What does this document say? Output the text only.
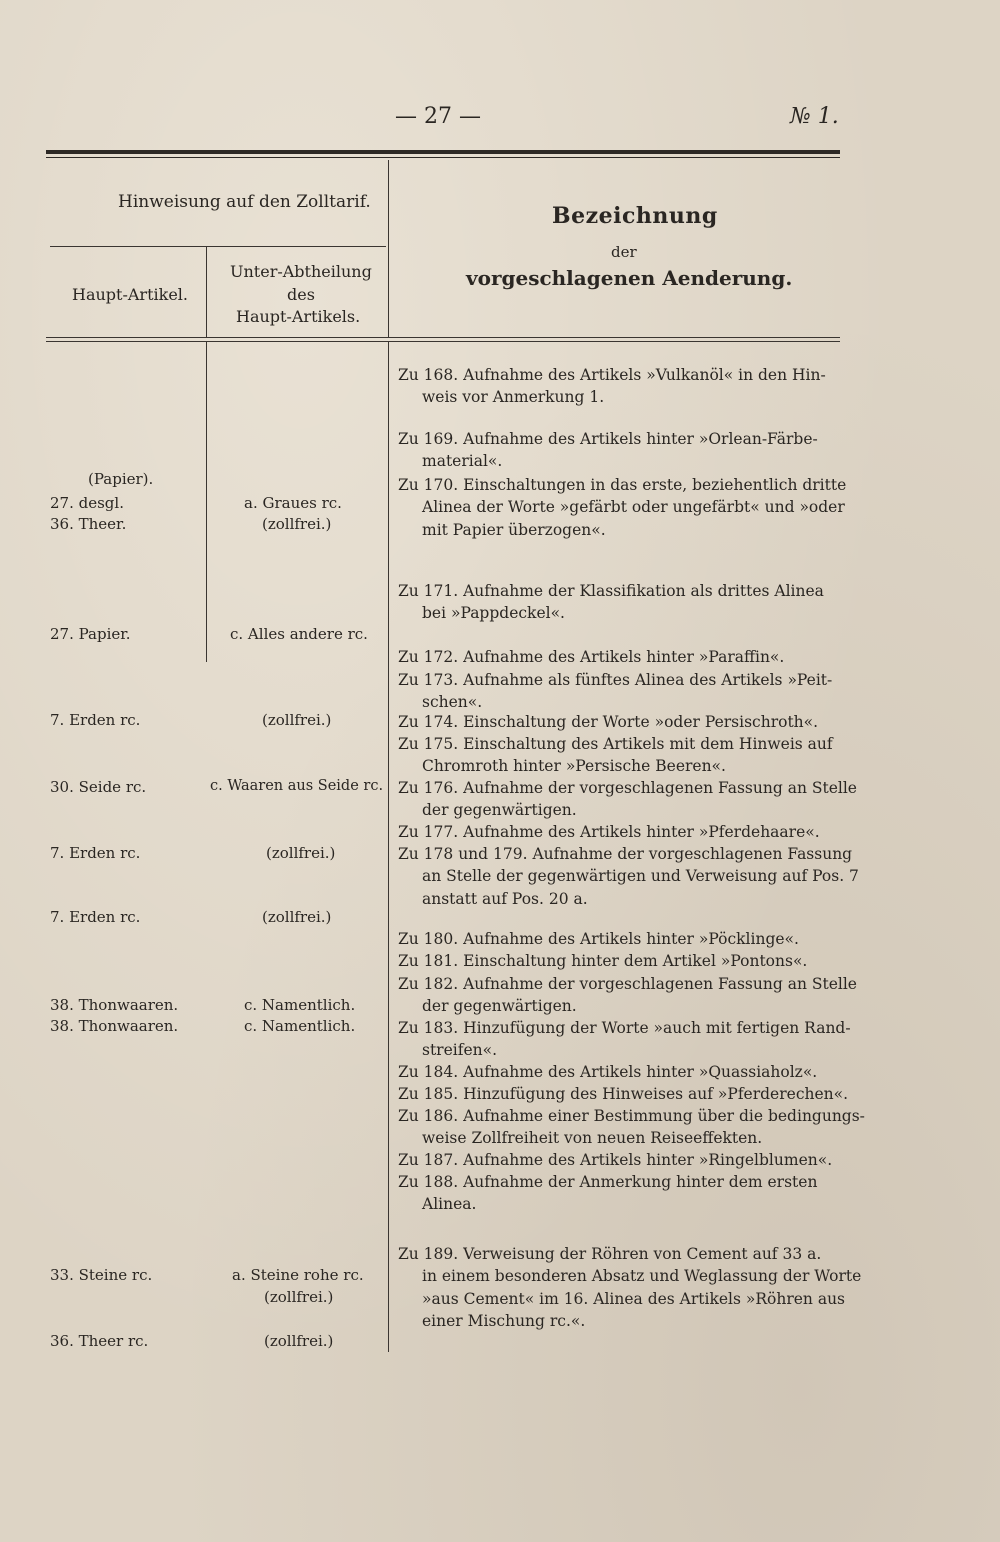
— 27 —	№ 1.
Hinweisung auf den Zolltarif.
Haupt-Artikel.
Unter-Abtheilung
des
Haupt-Artikels.
Bezeichnung
der
vorgeschlagenen Aenderung.
(Papier).
27. desgl.
36. Theer.
27. Papier.
7. Erden rc.
30. Seide rc.
7. Erden rc.
7. Erden rc.
38. Thonwaaren.
38. Thonwaaren.
33. Steine rc.
36. Theer rc.
a. Graues rc.
(zollfrei.)
c. Alles andere rc.
(zollfrei.)
c. Waaren aus Seide rc.
(zollfrei.)
(zollfrei.)
c. Namentlich.
c. Namentlich.
a. Steine rohe rc.
(zollfrei.)
(zollfrei.)
Zu 168. Aufnahme des Artikels »Vulkanöl« in den Hin-
weis vor Anmerkung 1.
Zu 169. Aufnahme des Artikels hinter »Orlean-Färbe-
material«.
Zu 170. Einschaltungen in das erste, beziehentlich dritte
Alinea der Worte »gefärbt oder ungefärbt« und »oder
mit Papier überzogen«.
Zu 171. Aufnahme der Klassifikation als drittes Alinea
bei »Pappdeckel«.
Zu 172. Aufnahme des Artikels hinter »Paraffin«.
Zu 173. Aufnahme als fünftes Alinea des Artikels »Peit-
schen«.
Zu 174. Einschaltung der Worte »oder Persischroth«.
Zu 175. Einschaltung des Artikels mit dem Hinweis auf
Chromroth hinter »Persische Beeren«.
Zu 176. Aufnahme der vorgeschlagenen Fassung an Stelle
der gegenwärtigen.
Zu 177. Aufnahme des Artikels hinter »Pferdehaare«.
Zu 178 und 179. Aufnahme der vorgeschlagenen Fassung
an Stelle der gegenwärtigen und Verweisung auf Pos. 7
anstatt auf Pos. 20 a.
Zu 180. Aufnahme des Artikels hinter »Pöcklinge«.
Zu 181. Einschaltung hinter dem Artikel »Pontons«.
Zu 182. Aufnahme der vorgeschlagenen Fassung an Stelle
der gegenwärtigen.
Zu 183. Hinzufügung der Worte »auch mit fertigen Rand-
streifen«.
Zu 184. Aufnahme des Artikels hinter »Quassiaholz«.
Zu 185. Hinzufügung des Hinweises auf »Pferderechen«.
Zu 186. Aufnahme einer Bestimmung über die bedingungs-
weise Zollfreiheit von neuen Reiseeffekten.
Zu 187. Aufnahme des Artikels hinter »Ringelblumen«.
Zu 188. Aufnahme der Anmerkung hinter dem ersten
Alinea.
Zu 189. Verweisung der Röhren von Cement auf 33 a.
in einem besonderen Absatz und Weglassung der Worte
»aus Cement« im 16. Alinea des Artikels »Röhren aus
einer Mischung rc.«.
